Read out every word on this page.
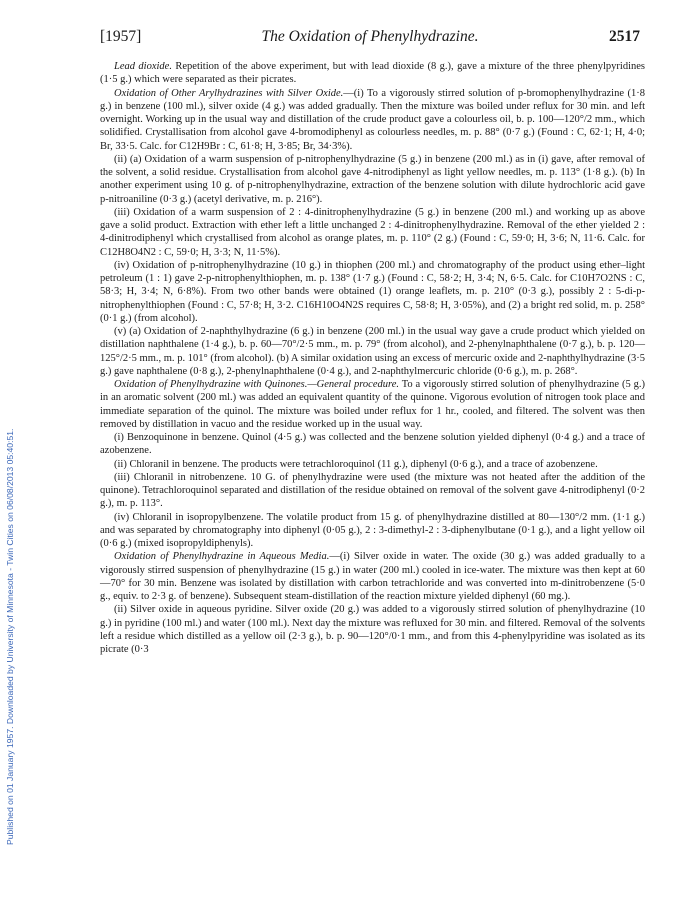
Published on 01 January 1957. Downloaded by University of Minnesota - Twin Cities on 06/08/2013 05:40:51.
[1957]	The Oxidation of Phenylhydrazine.	2517

Lead dioxide. Repetition of the above experiment, but with lead dioxide (8 g.), gave a mixture of the three phenylpyridines (1·5 g.) which were separated as their picrates.

Oxidation of Other Arylhydrazines with Silver Oxide.—(i) To a vigorously stirred solution of p-bromophenylhydrazine (1·8 g.) in benzene (100 ml.), silver oxide (4 g.) was added gradually. Then the mixture was boiled under reflux for 30 min. and left overnight. Working up in the usual way and distillation of the crude product gave a colourless oil, b. p. 100—120°/2 mm., which solidified. Crystallisation from alcohol gave 4-bromodiphenyl as colourless needles, m. p. 88° (0·7 g.) (Found : C, 62·1; H, 4·0; Br, 33·5. Calc. for C12H9Br : C, 61·8; H, 3·85; Br, 34·3%).

(ii) (a) Oxidation of a warm suspension of p-nitrophenylhydrazine (5 g.) in benzene (200 ml.) as in (i) gave, after removal of the solvent, a solid residue. Crystallisation from alcohol gave 4-nitrodiphenyl as light yellow needles, m. p. 113° (1·8 g.). (b) In another experiment using 10 g. of p-nitrophenylhydrazine, extraction of the benzene solution with dilute hydrochloric acid gave p-nitroaniline (0·3 g.) (acetyl derivative, m. p. 216°).

(iii) Oxidation of a warm suspension of 2 : 4-dinitrophenylhydrazine (5 g.) in benzene (200 ml.) and working up as above gave a solid product. Extraction with ether left a little unchanged 2 : 4-dinitrophenylhydrazine. Removal of the ether yielded 2 : 4-dinitrodiphenyl which crystallised from alcohol as orange plates, m. p. 110° (2 g.) (Found : C, 59·0; H, 3·6; N, 11·6. Calc. for C12H8O4N2 : C, 59·0; H, 3·3; N, 11·5%).

(iv) Oxidation of p-nitrophenylhydrazine (10 g.) in thiophen (200 ml.) and chromatography of the product using ether–light petroleum (1 : 1) gave 2-p-nitrophenylthiophen, m. p. 138° (1·7 g.) (Found : C, 58·2; H, 3·4; N, 6·5. Calc. for C10H7O2NS : C, 58·3; H, 3·4; N, 6·8%). From two other bands were obtained (1) orange leaflets, m. p. 210° (0·3 g.), possibly 2 : 5-di-p-nitrophenylthiophen (Found : C, 57·8; H, 3·2. C16H10O4N2S requires C, 58·8; H, 3·05%), and (2) a bright red solid, m. p. 258° (0·1 g.) (from alcohol).

(v) (a) Oxidation of 2-naphthylhydrazine (6 g.) in benzene (200 ml.) in the usual way gave a crude product which yielded on distillation naphthalene (1·4 g.), b. p. 60—70°/2·5 mm., m. p. 79° (from alcohol), and 2-phenylnaphthalene (0·7 g.), b. p. 120—125°/2·5 mm., m. p. 101° (from alcohol). (b) A similar oxidation using an excess of mercuric oxide and 2-naphthylhydrazine (3·5 g.) gave naphthalene (0·8 g.), 2-phenylnaphthalene (0·4 g.), and 2-naphthylmercuric chloride (0·6 g.), m. p. 268°.

Oxidation of Phenylhydrazine with Quinones.—General procedure. To a vigorously stirred solution of phenylhydrazine (5 g.) in an aromatic solvent (200 ml.) was added an equivalent quantity of the quinone. Vigorous evolution of nitrogen took place and immediate separation of the quinol. The mixture was boiled under reflux for 1 hr., cooled, and filtered. The solvent was then removed by distillation in vacuo and the residue worked up in the usual way.

(i) Benzoquinone in benzene. Quinol (4·5 g.) was collected and the benzene solution yielded diphenyl (0·4 g.) and a trace of azobenzene.

(ii) Chloranil in benzene. The products were tetrachloroquinol (11 g.), diphenyl (0·6 g.), and a trace of azobenzene.

(iii) Chloranil in nitrobenzene. 10 G. of phenylhydrazine were used (the mixture was not heated after the addition of the quinone). Tetrachloroquinol separated and distillation of the residue obtained on removal of the solvent gave 4-nitrodiphenyl (0·2 g.), m. p. 113°.

(iv) Chloranil in isopropylbenzene. The volatile product from 15 g. of phenylhydrazine distilled at 80—130°/2 mm. (1·1 g.) and was separated by chromatography into diphenyl (0·05 g.), 2 : 3-dimethyl-2 : 3-diphenylbutane (0·1 g.), and a light yellow oil (0·6 g.) (mixed isopropyldiphenyls).

Oxidation of Phenylhydrazine in Aqueous Media.—(i) Silver oxide in water. The oxide (30 g.) was added gradually to a vigorously stirred suspension of phenylhydrazine (15 g.) in water (200 ml.) cooled in ice-water. The mixture was then kept at 60—70° for 30 min. Benzene was isolated by distillation with carbon tetrachloride and was converted into m-dinitrobenzene (5·0 g., equiv. to 2·3 g. of benzene). Subsequent steam-distillation of the reaction mixture yielded diphenyl (60 mg.).

(ii) Silver oxide in aqueous pyridine. Silver oxide (20 g.) was added to a vigorously stirred solution of phenylhydrazine (10 g.) in pyridine (100 ml.) and water (100 ml.). Next day the mixture was refluxed for 30 min. and filtered. Removal of the solvents left a residue which distilled as a yellow oil (2·3 g.), b. p. 90—120°/0·1 mm., and from this 4-phenylpyridine was isolated as its picrate (0·3
